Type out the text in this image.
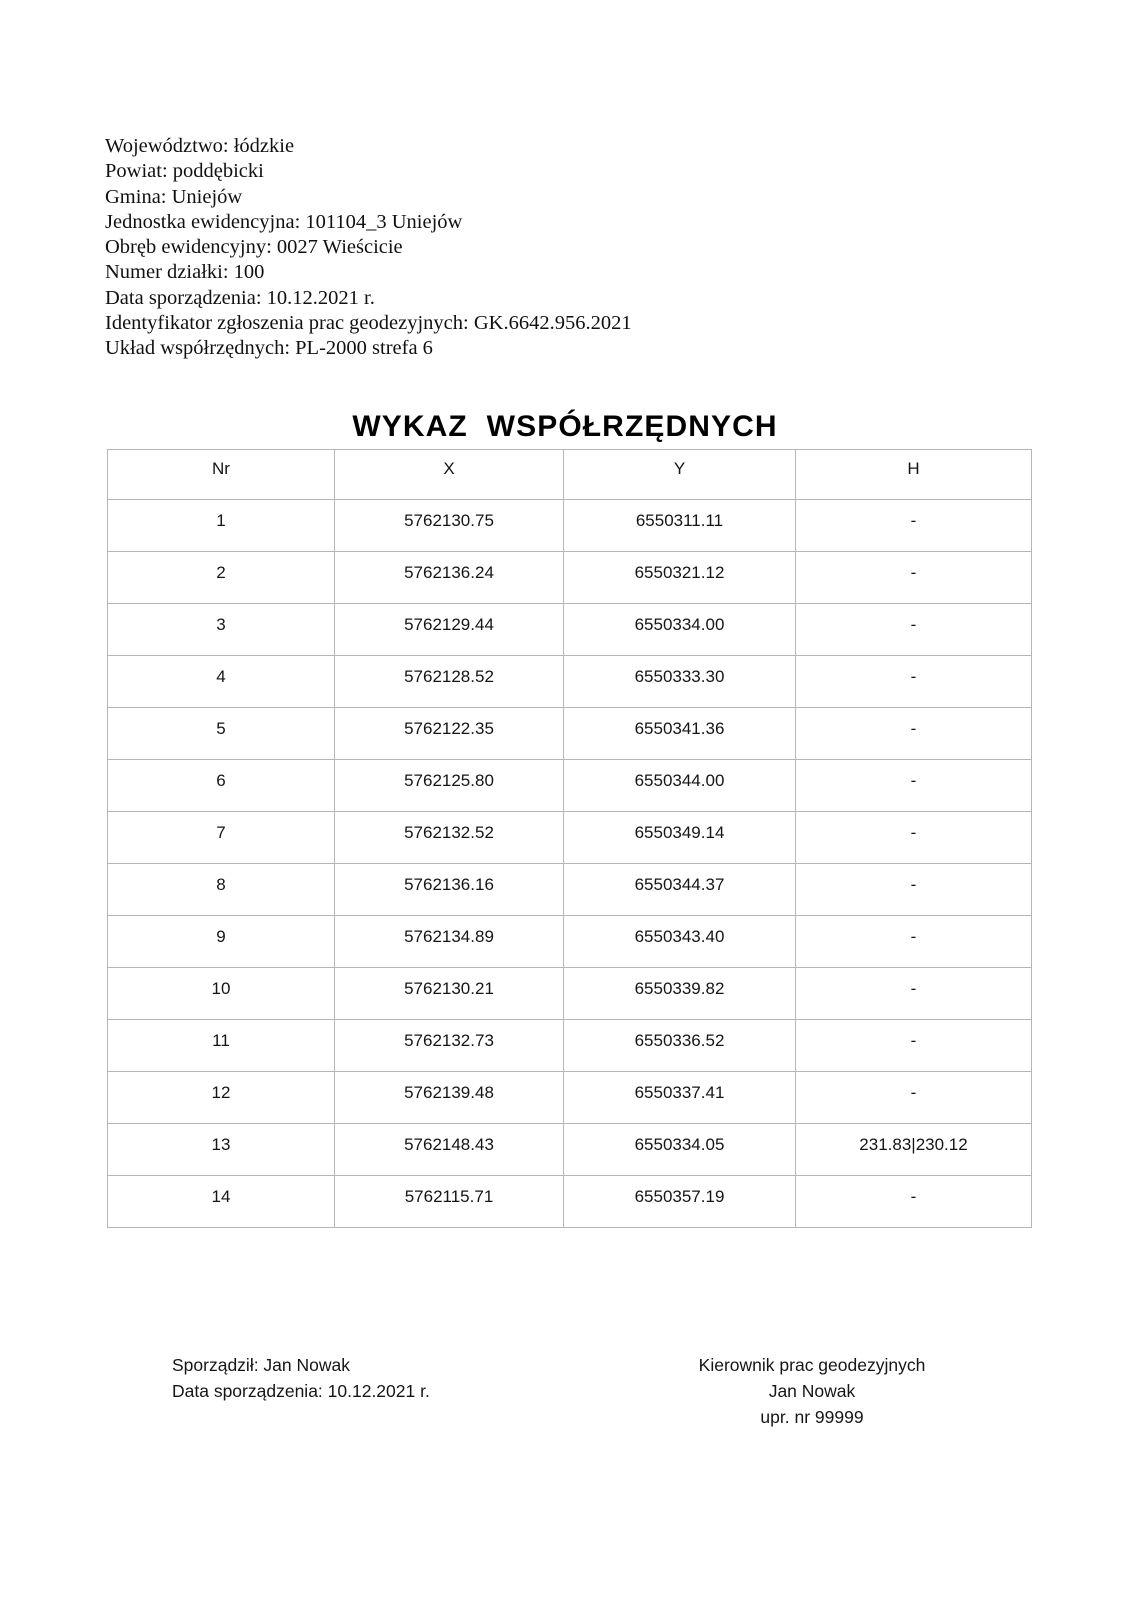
Województwo: łódzkie
Powiat: poddębicki
Gmina: Uniejów
Jednostka ewidencyjna: 101104_3 Uniejów
Obręb ewidencyjny: 0027 Wieścicie
Numer działki: 100
Data sporządzenia: 10.12.2021 r.
Identyfikator zgłoszenia prac geodezyjnych: GK.6642.956.2021
Układ współrzędnych: PL-2000 strefa 6
WYKAZ  WSPÓŁRZĘDNYCH
Nr	X	Y	H
1	5762130.75	6550311.11	-
2	5762136.24	6550321.12	-
3	5762129.44	6550334.00	-
4	5762128.52	6550333.30	-
5	5762122.35	6550341.36	-
6	5762125.80	6550344.00	-
7	5762132.52	6550349.14	-
8	5762136.16	6550344.37	-
9	5762134.89	6550343.40	-
10	5762130.21	6550339.82	-
11	5762132.73	6550336.52	-
12	5762139.48	6550337.41	-
13	5762148.43	6550334.05	231.83|230.12
14	5762115.71	6550357.19	-
Sporządził: Jan Nowak
Data sporządzenia: 10.12.2021 r.
Kierownik prac geodezyjnych
Jan Nowak
upr. nr 99999
